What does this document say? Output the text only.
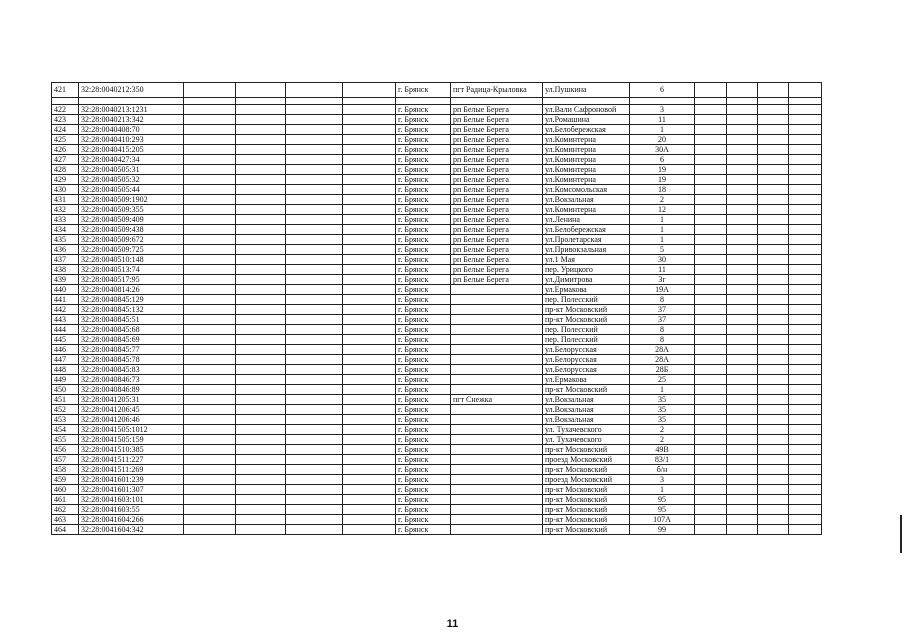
421	32:28:0040212:350					г. Брянск	пгт Радица-Крыловка	ул.Пушкина	6				

422	32:28:0040213:1231					г. Брянск	рп Белые Берега	ул.Вали Сафроновой	3				
423	32:28:0040213:342					г. Брянск	рп Белые Берега	ул.Ромашина	11				
424	32:28:0040408:70					г. Брянск	рп Белые Берега	ул.Белобережская	1				
425	32:28:0040410:293					г. Брянск	рп Белые Берега	ул.Коминтерна	20				
426	32:28:0040415:205					г. Брянск	рп Белые Берега	ул.Коминтерна	30А				
427	32:28:0040427:34					г. Брянск	рп Белые Берега	ул.Коминтерна	6				
428	32:28:0040505:31					г. Брянск	рп Белые Берега	ул.Коминтерна	19				
429	32:28:0040505:32					г. Брянск	рп Белые Берега	ул.Коминтерна	19				
430	32:28:0040505:44					г. Брянск	рп Белые Берега	ул.Комсомольская	18				
431	32:28:0040509:1902					г. Брянск	рп Белые Берега	ул.Вокзальная	2				
432	32:28:0040509:355					г. Брянск	рп Белые Берега	ул.Коминтерна	12				
433	32:28:0040509:409					г. Брянск	рп Белые Берега	ул.Ленина	1				
434	32:28:0040509:438					г. Брянск	рп Белые Берега	ул.Белобережская	1				
435	32:28:0040509:672					г. Брянск	рп Белые Берега	ул.Пролетарская	1				
436	32:28:0040509:725					г. Брянск	рп Белые Берега	ул.Привокзальная	5				
437	32:28:0040510:148					г. Брянск	рп Белые Берега	ул.1 Мая	30				
438	32:28:0040513:74					г. Брянск	рп Белые Берега	пер. Урицкого	11				
439	32:28:0040517:95					г. Брянск	рп Белые Берега	ул.Димитрова	3г				
440	32:28:0040814:26					г. Брянск		ул.Ермакова	19А				
441	32:28:0040845:129					г. Брянск		пер. Полесский	8				
442	32:28:0040845:132					г. Брянск		пр-кт Московский	37				
443	32:28:0040845:51					г. Брянск		пр-кт Московский	37				
444	32:28:0040845:68					г. Брянск		пер. Полесский	8				
445	32:28:0040845:69					г. Брянск		пер. Полесский	8				
446	32:28:0040845:77					г. Брянск		ул.Белорусская	28А				
447	32:28:0040845:78					г. Брянск		ул.Белорусская	28А				
448	32:28:0040845:83					г. Брянск		ул.Белорусская	28Б				
449	32:28:0040846:73					г. Брянск		ул.Ермакова	25				
450	32:28:0040846:89					г. Брянск		пр-кт Московский	1				
451	32:28:0041205:31					г. Брянск	пгт Снежка	ул.Вокзальная	35				
452	32:28:0041206:45					г. Брянск		ул.Вокзальная	35				
453	32:28:0041206:46					г. Брянск		ул.Вокзальная	35				
454	32:28:0041505:1012					г. Брянск		ул. Тухачевского	2				
455	32:28:0041505:159					г. Брянск		ул. Тухачевского	2				
456	32:28:0041510:385					г. Брянск		пр-кт Московский	49В				
457	32:28:0041511:227					г. Брянск		проезд Московский	83/1				
458	32:28:0041511:269					г. Брянск		пр-кт Московский	б/н				
459	32:28:0041601:239					г. Брянск		проезд Московский	3				
460	32:28:0041601:307					г. Брянск		пр-кт Московский	1				
461	32:28:0041603:101					г. Брянск		пр-кт Московский	95				
462	32:28:0041603:55					г. Брянск		пр-кт Московский	95				
463	32:28:0041604:266					г. Брянск		пр-кт Московский	107А				
464	32:28:0041604:342					г. Брянск		пр-кт Московский	99				
11
